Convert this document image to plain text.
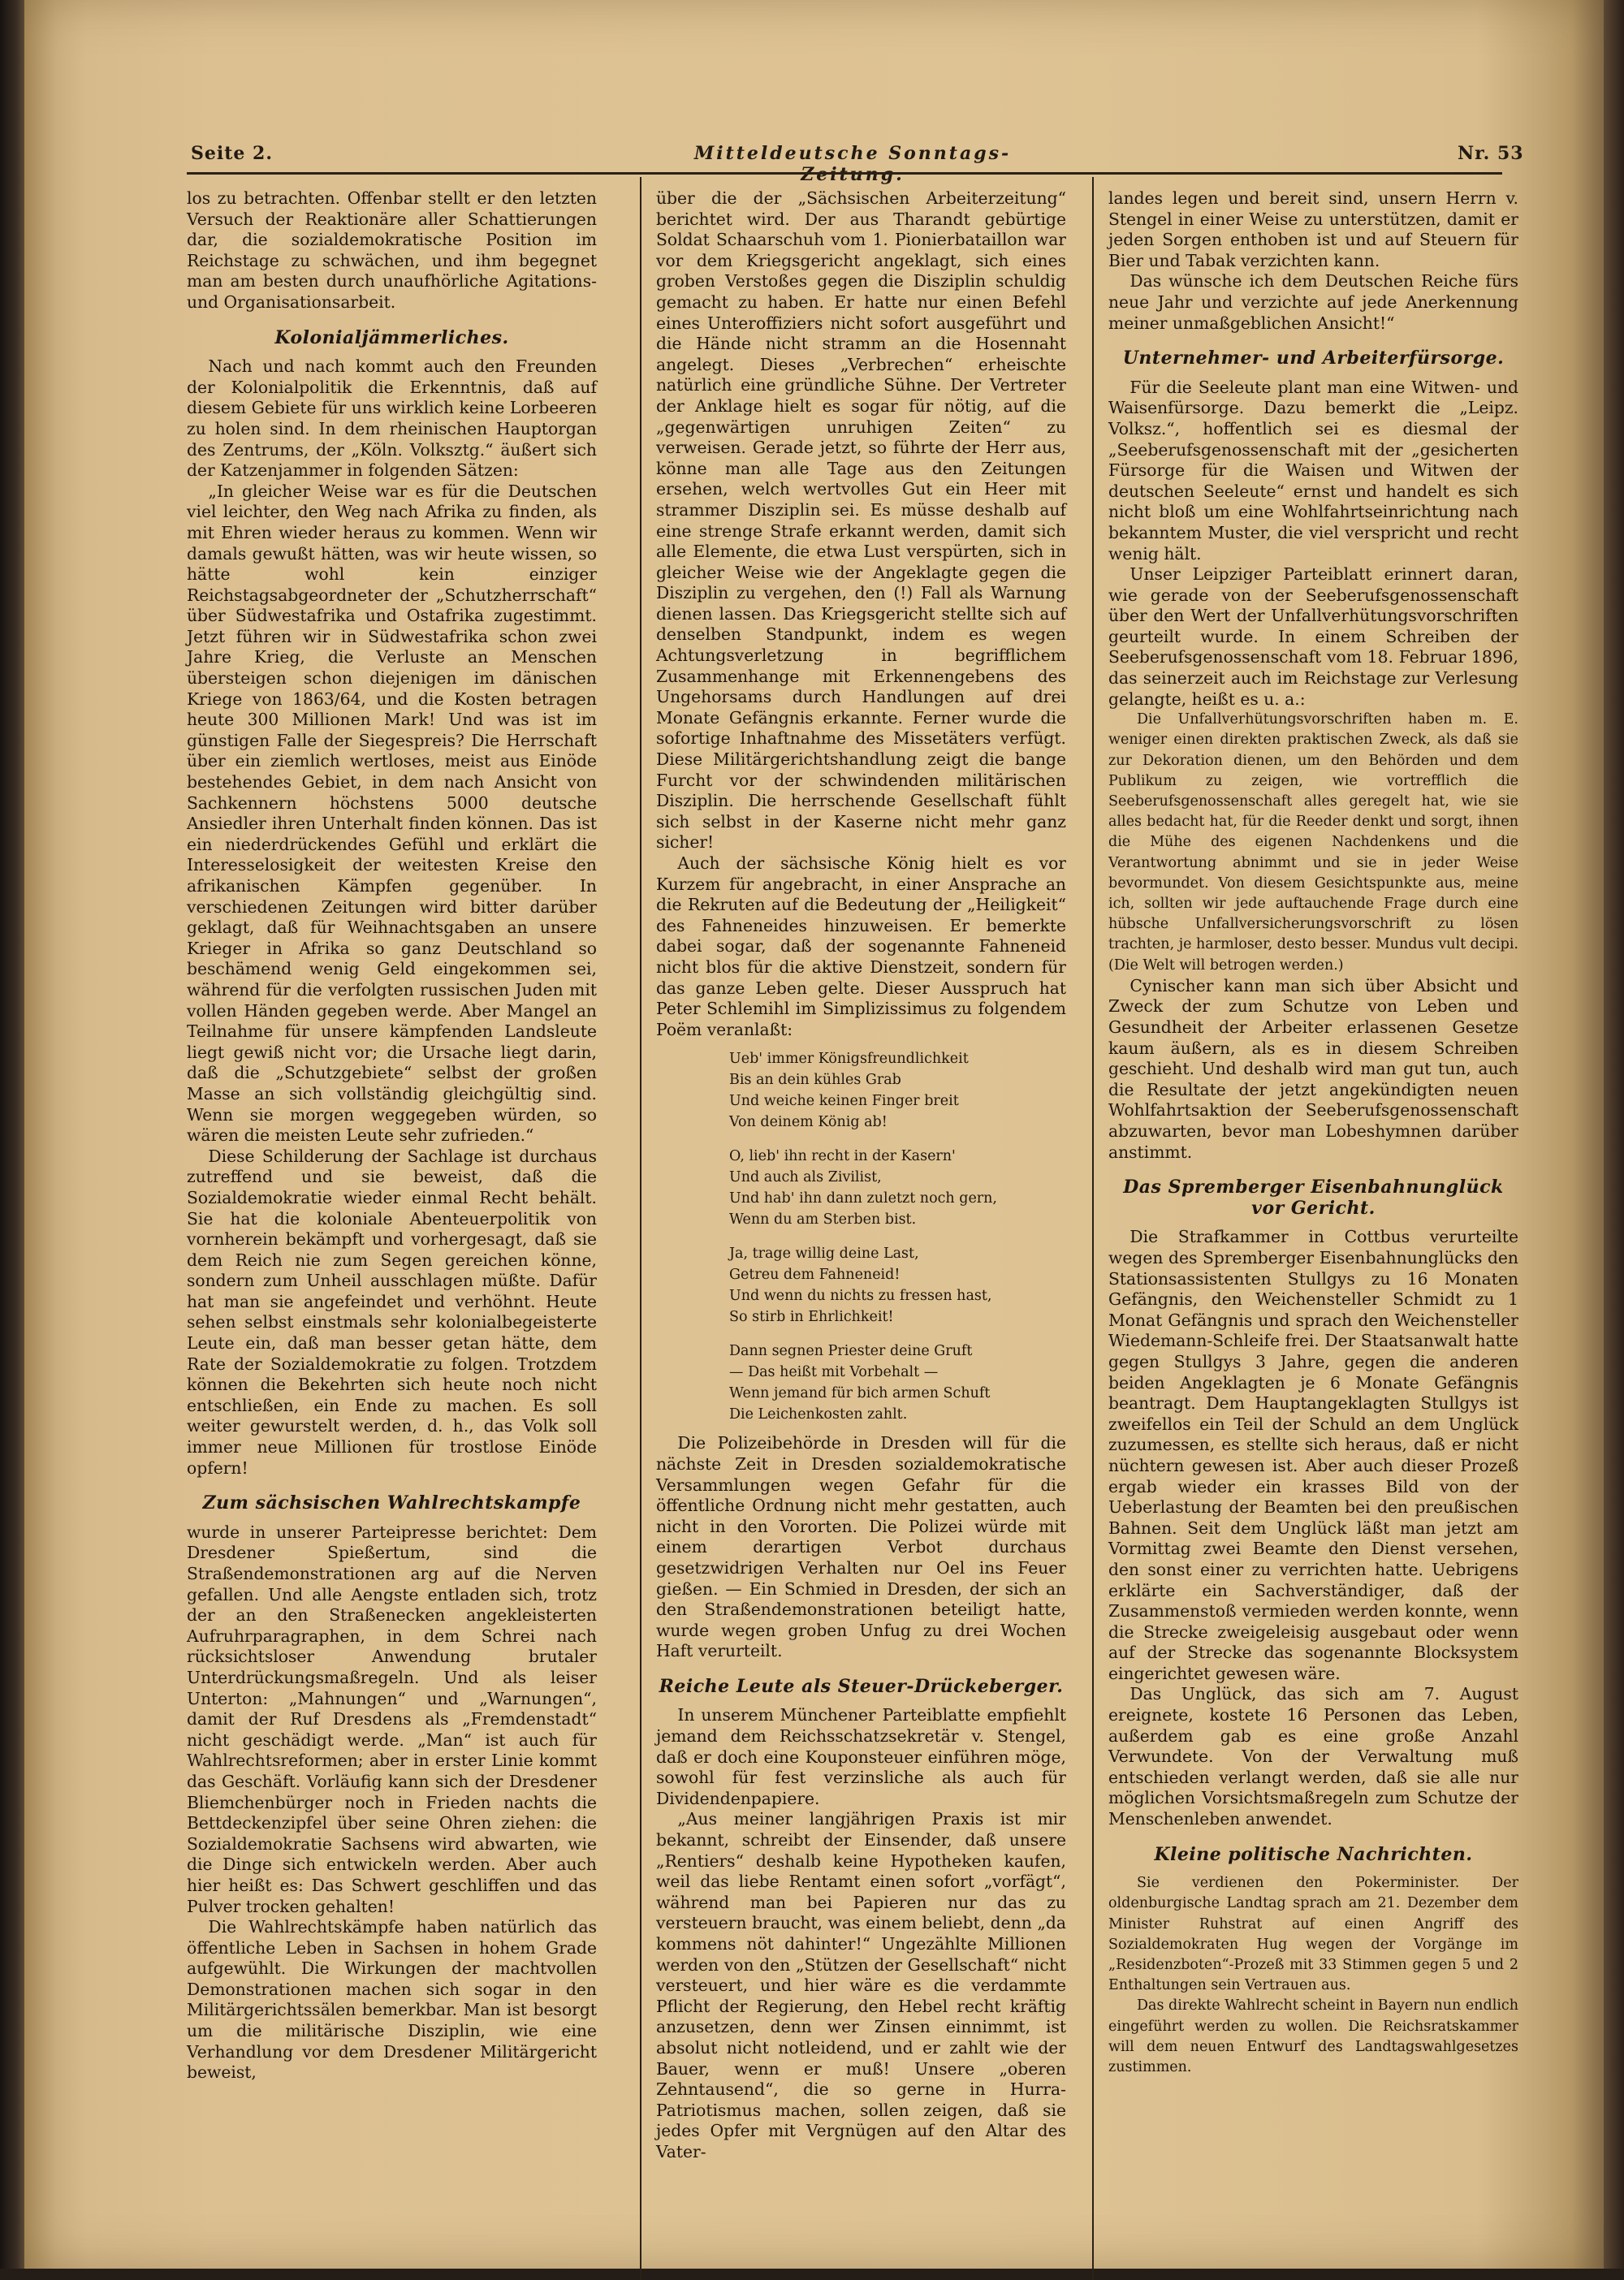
Seite 2.	Mitteldeutsche Sonntags-Zeitung.
Nr. 53

los zu betrachten. Offenbar stellt er den letzten Versuch der Reaktionäre aller Schattierungen dar, die sozialdemokratische Position im Reichstage zu schwächen, und ihm begegnet man am besten durch unaufhörliche Agitations- und Organisationsarbeit.

Kolonialjämmerliches.

Nach und nach kommt auch den Freunden der Kolonialpolitik die Erkenntnis, daß auf diesem Gebiete für uns wirklich keine Lorbeeren zu holen sind. In dem rheinischen Hauptorgan des Zentrums, der „Köln. Volksztg.“ äußert sich der Katzenjammer in folgenden Sätzen:

„In gleicher Weise war es für die Deutschen viel leichter, den Weg nach Afrika zu finden, als mit Ehren wieder heraus zu kommen. Wenn wir damals gewußt hätten, was wir heute wissen, so hätte wohl kein einziger Reichstagsabgeordneter der „Schutzherrschaft“ über Südwestafrika und Ostafrika zugestimmt. Jetzt führen wir in Südwestafrika schon zwei Jahre Krieg, die Verluste an Menschen übersteigen schon diejenigen im dänischen Kriege von 1863/64, und die Kosten betragen heute 300 Millionen Mark! Und was ist im günstigen Falle der Siegespreis? Die Herrschaft über ein ziemlich wertloses, meist aus Einöde bestehendes Gebiet, in dem nach Ansicht von Sachkennern höchstens 5000 deutsche Ansiedler ihren Unterhalt finden können. Das ist ein niederdrückendes Gefühl und erklärt die Interesselosigkeit der weitesten Kreise den afrikanischen Kämpfen gegenüber. In verschiedenen Zeitungen wird bitter darüber geklagt, daß für Weihnachtsgaben an unsere Krieger in Afrika so ganz Deutschland so beschämend wenig Geld eingekommen sei, während für die verfolgten russischen Juden mit vollen Händen gegeben werde. Aber Mangel an Teilnahme für unsere kämpfenden Landsleute liegt gewiß nicht vor; die Ursache liegt darin, daß die „Schutzgebiete“ selbst der großen Masse an sich vollständig gleichgültig sind. Wenn sie morgen weggegeben würden, so wären die meisten Leute sehr zufrieden.“

Diese Schilderung der Sachlage ist durchaus zutreffend und sie beweist, daß die Sozialdemokratie wieder einmal Recht behält. Sie hat die koloniale Abenteuerpolitik von vornherein bekämpft und vorhergesagt, daß sie dem Reich nie zum Segen gereichen könne, sondern zum Unheil ausschlagen müßte. Dafür hat man sie angefeindet und verhöhnt. Heute sehen selbst einstmals sehr kolonialbegeisterte Leute ein, daß man besser getan hätte, dem Rate der Sozialdemokratie zu folgen. Trotzdem können die Bekehrten sich heute noch nicht entschließen, ein Ende zu machen. Es soll weiter gewurstelt werden, d. h., das Volk soll immer neue Millionen für trostlose Einöde opfern!

Zum sächsischen Wahlrechtskampfe

wurde in unserer Parteipresse berichtet: Dem Dresdener Spießertum, sind die Straßendemonstrationen arg auf die Nerven gefallen. Und alle Aengste entladen sich, trotz der an den Straßenecken angekleisterten Aufruhrparagraphen, in dem Schrei nach rücksichtsloser Anwendung brutaler Unterdrückungsmaßregeln. Und als leiser Unterton: „Mahnungen“ und „Warnungen“, damit der Ruf Dresdens als „Fremdenstadt“ nicht geschädigt werde. „Man“ ist auch für Wahlrechtsreformen; aber in erster Linie kommt das Geschäft. Vorläufig kann sich der Dresdener Bliemchenbürger noch in Frieden nachts die Bettdeckenzipfel über seine Ohren ziehen: die Sozialdemokratie Sachsens wird abwarten, wie die Dinge sich entwickeln werden. Aber auch hier heißt es: Das Schwert geschliffen und das Pulver trocken gehalten!

Die Wahlrechtskämpfe haben natürlich das öffentliche Leben in Sachsen in hohem Grade aufgewühlt. Die Wirkungen der machtvollen Demonstrationen machen sich sogar in den Militärgerichtssälen bemerkbar. Man ist besorgt um die militärische Disziplin, wie eine Verhandlung vor dem Dresdener Militärgericht beweist,

über die der „Sächsischen Arbeiterzeitung“ berichtet wird. Der aus Tharandt gebürtige Soldat Schaarschuh vom 1. Pionierbataillon war vor dem Kriegsgericht angeklagt, sich eines groben Verstoßes gegen die Disziplin schuldig gemacht zu haben. Er hatte nur einen Befehl eines Unteroffiziers nicht sofort ausgeführt und die Hände nicht stramm an die Hosennaht angelegt. Dieses „Verbrechen“ erheischte natürlich eine gründliche Sühne. Der Vertreter der Anklage hielt es sogar für nötig, auf die „gegenwärtigen unruhigen Zeiten“ zu verweisen. Gerade jetzt, so führte der Herr aus, könne man alle Tage aus den Zeitungen ersehen, welch wertvolles Gut ein Heer mit strammer Disziplin sei. Es müsse deshalb auf eine strenge Strafe erkannt werden, damit sich alle Elemente, die etwa Lust verspürten, sich in gleicher Weise wie der Angeklagte gegen die Disziplin zu vergehen, den (!) Fall als Warnung dienen lassen. Das Kriegsgericht stellte sich auf denselben Standpunkt, indem es wegen Achtungsverletzung in begrifflichem Zusammenhange mit Erkennengebens des Ungehorsams durch Handlungen auf drei Monate Gefängnis erkannte. Ferner wurde die sofortige Inhaftnahme des Missetäters verfügt. Diese Militärgerichtshandlung zeigt die bange Furcht vor der schwindenden militärischen Disziplin. Die herrschende Gesellschaft fühlt sich selbst in der Kaserne nicht mehr ganz sicher!

Auch der sächsische König hielt es vor Kurzem für angebracht, in einer Ansprache an die Rekruten auf die Bedeutung der „Heiligkeit“ des Fahneneides hinzuweisen. Er bemerkte dabei sogar, daß der sogenannte Fahneneid nicht blos für die aktive Dienstzeit, sondern für das ganze Leben gelte. Dieser Ausspruch hat Peter Schlemihl im Simplizissimus zu folgendem Poëm veranlaßt:

Ueb' immer Königsfreundlichkeit
Bis an dein kühles Grab
Und weiche keinen Finger breit
Von deinem König ab!
O, lieb' ihn recht in der Kasern'
Und auch als Zivilist,
Und hab' ihn dann zuletzt noch gern,
Wenn du am Sterben bist.
Ja, trage willig deine Last,
Getreu dem Fahneneid!
Und wenn du nichts zu fressen hast,
So stirb in Ehrlichkeit!
Dann segnen Priester deine Gruft
— Das heißt mit Vorbehalt —
Wenn jemand für bich armen Schuft
Die Leichenkosten zahlt.

Die Polizeibehörde in Dresden will für die nächste Zeit in Dresden sozialdemokratische Versammlungen wegen Gefahr für die öffentliche Ordnung nicht mehr gestatten, auch nicht in den Vororten. Die Polizei würde mit einem derartigen Verbot durchaus gesetzwidrigen Verhalten nur Oel ins Feuer gießen. — Ein Schmied in Dresden, der sich an den Straßendemonstrationen beteiligt hatte, wurde wegen groben Unfug zu drei Wochen Haft verurteilt.

Reiche Leute als Steuer-Drückeberger.

In unserem Münchener Parteiblatte empfiehlt jemand dem Reichsschatzsekretär v. Stengel, daß er doch eine Kouponsteuer einführen möge, sowohl für fest verzinsliche als auch für Dividendenpapiere.

„Aus meiner langjährigen Praxis ist mir bekannt, schreibt der Einsender, daß unsere „Rentiers“ deshalb keine Hypotheken kaufen, weil das liebe Rentamt einen sofort „vorfägt“, während man bei Papieren nur das zu versteuern braucht, was einem beliebt, denn „da kommens nöt dahinter!“ Ungezählte Millionen werden von den „Stützen der Gesellschaft“ nicht versteuert, und hier wäre es die verdammte Pflicht der Regierung, den Hebel recht kräftig anzusetzen, denn wer Zinsen einnimmt, ist absolut nicht notleidend, und er zahlt wie der Bauer, wenn er muß! Unsere „oberen Zehntausend“, die so gerne in Hurra-Patriotismus machen, sollen zeigen, daß sie jedes Opfer mit Vergnügen auf den Altar des Vater-

landes legen und bereit sind, unsern Herrn v. Stengel in einer Weise zu unterstützen, damit er jeden Sorgen enthoben ist und auf Steuern für Bier und Tabak verzichten kann.

Das wünsche ich dem Deutschen Reiche fürs neue Jahr und verzichte auf jede Anerkennung meiner unmaßgeblichen Ansicht!“

Unternehmer- und Arbeiterfürsorge.

Für die Seeleute plant man eine Witwen- und Waisenfürsorge. Dazu bemerkt die „Leipz. Volksz.“, hoffentlich sei es diesmal der „Seeberufsgenossenschaft mit der „gesicherten Fürsorge für die Waisen und Witwen der deutschen Seeleute“ ernst und handelt es sich nicht bloß um eine Wohlfahrtseinrichtung nach bekanntem Muster, die viel verspricht und recht wenig hält.

Unser Leipziger Parteiblatt erinnert daran, wie gerade von der Seeberufsgenossenschaft über den Wert der Unfallverhütungsvorschriften geurteilt wurde. In einem Schreiben der Seeberufsgenossenschaft vom 18. Februar 1896, das seinerzeit auch im Reichstage zur Verlesung gelangte, heißt es u. a.:

Die Unfallverhütungsvorschriften haben m. E. weniger einen direkten praktischen Zweck, als daß sie zur Dekoration dienen, um den Behörden und dem Publikum zu zeigen, wie vortrefflich die Seeberufsgenossenschaft alles geregelt hat, wie sie alles bedacht hat, für die Reeder denkt und sorgt, ihnen die Mühe des eigenen Nachdenkens und die Verantwortung abnimmt und sie in jeder Weise bevormundet. Von diesem Gesichtspunkte aus, meine ich, sollten wir jede auftauchende Frage durch eine hübsche Unfallversicherungsvorschrift zu lösen trachten, je harmloser, desto besser. Mundus vult decipi. (Die Welt will betrogen werden.)

Cynischer kann man sich über Absicht und Zweck der zum Schutze von Leben und Gesundheit der Arbeiter erlassenen Gesetze kaum äußern, als es in diesem Schreiben geschieht. Und deshalb wird man gut tun, auch die Resultate der jetzt angekündigten neuen Wohlfahrtsaktion der Seeberufsgenossenschaft abzuwarten, bevor man Lobeshymnen darüber anstimmt.

Das Spremberger Eisenbahnunglück vor Gericht.

Die Strafkammer in Cottbus verurteilte wegen des Spremberger Eisenbahnunglücks den Stationsassistenten Stullgys zu 16 Monaten Gefängnis, den Weichensteller Schmidt zu 1 Monat Gefängnis und sprach den Weichensteller Wiedemann-Schleife frei. Der Staatsanwalt hatte gegen Stullgys 3 Jahre, gegen die anderen beiden Angeklagten je 6 Monate Gefängnis beantragt. Dem Hauptangeklagten Stullgys ist zweifellos ein Teil der Schuld an dem Unglück zuzumessen, es stellte sich heraus, daß er nicht nüchtern gewesen ist. Aber auch dieser Prozeß ergab wieder ein krasses Bild von der Ueberlastung der Beamten bei den preußischen Bahnen. Seit dem Unglück läßt man jetzt am Vormittag zwei Beamte den Dienst versehen, den sonst einer zu verrichten hatte. Uebrigens erklärte ein Sachverständiger, daß der Zusammenstoß vermieden werden konnte, wenn die Strecke zweigeleisig ausgebaut oder wenn auf der Strecke das sogenannte Blocksystem eingerichtet gewesen wäre.

Das Unglück, das sich am 7. August ereignete, kostete 16 Personen das Leben, außerdem gab es eine große Anzahl Verwundete. Von der Verwaltung muß entschieden verlangt werden, daß sie alle nur möglichen Vorsichtsmaßregeln zum Schutze der Menschenleben anwendet.

Kleine politische Nachrichten.

Sie verdienen den Pokerminister. Der oldenburgische Landtag sprach am 21. Dezember dem Minister Ruhstrat auf einen Angriff des Sozialdemokraten Hug wegen der Vorgänge im „Residenzboten“-Prozeß mit 33 Stimmen gegen 5 und 2 Enthaltungen sein Vertrauen aus.

Das direkte Wahlrecht scheint in Bayern nun endlich eingeführt werden zu wollen. Die Reichsratskammer will dem neuen Entwurf des Landtagswahlgesetzes zustimmen.
